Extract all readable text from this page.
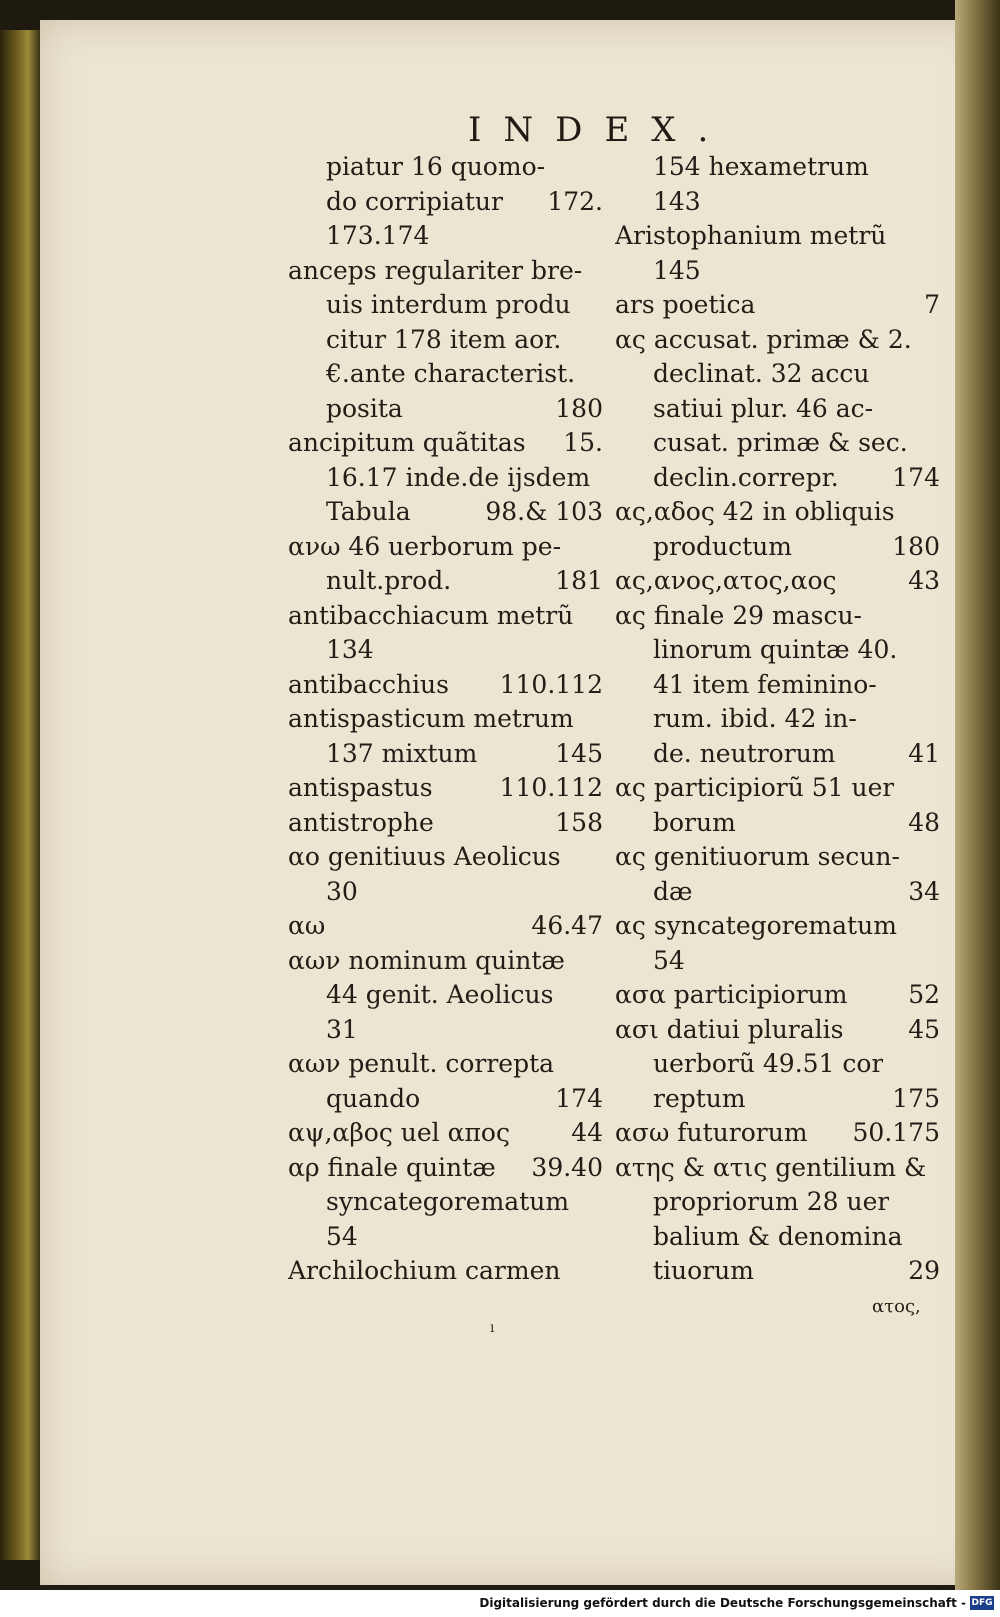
INDEX.
piatur 16 quomo-
do corripiatur 172.
173.174
anceps regulariter bre-
uis interdum produ
citur 178 item aor.
€.ante characterist.
posita	180
ancipitum quãtitas 15.
16.17 inde.de ijsdem
Tabula	98.& 103
ανω 46 uerborum pe-
nult.prod.	181
antibacchiacum metrũ
134
antibacchius 110.112
antispasticum metrum
137 mixtum	145
antispastus	110.112
antistrophe	158
αο genitiuus Aeolicus
30
αω	46.47
αων nominum quintæ
44 genit. Aeolicus
31
αων penult. correpta
quando	174
αψ,αβος uel απος 44
αρ finale quintæ 39.40
syncategorematum
54
Archilochium carmen
154 hexametrum
143
Aristophanium metrũ
145
ars poetica	7
ας accusat. primæ & 2.
declinat. 32 accu
satiui plur. 46 ac-
cusat. primæ & sec.
declin.correpr. 174
ας,αδος 42 in obliquis
productum	180
ας,ανος,ατος,αος	43
ας finale 29 mascu-
linorum quintæ 40.
41 item feminino-
rum. ibid. 42 in-
de. neutrorum	41
ας participiorũ 51 uer
borum	48
ας genitiuorum secun-
dæ	34
ας syncategorematum
54
ασα participiorum 52
ασι datiui pluralis	45
uerborũ 49.51 cor
reptum	175
ασω futurorum 50.175
ατης & ατις gentilium &
propriorum 28 uer
balium & denomina
tiuorum	29
ατος,
ı
Digitalisierung gefördert durch die Deutsche Forschungsgemeinschaft - DFG
